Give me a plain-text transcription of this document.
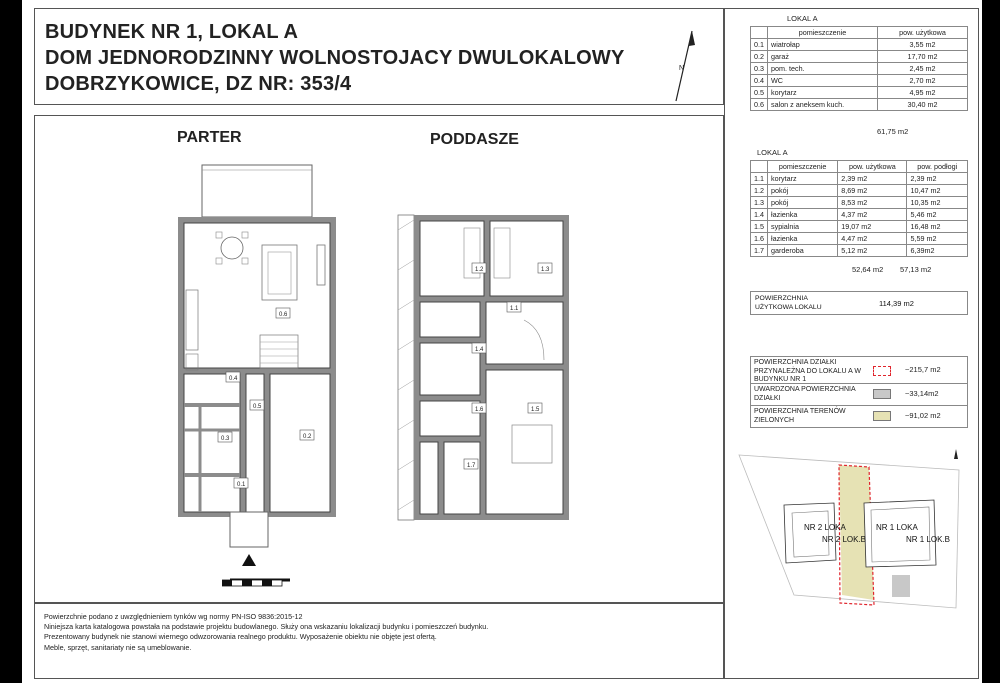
BUDYNEK NR 1, LOKAL A
DOM JEDNORODZINNY WOLNOSTOJACY DWULOKALOWY
DOBRZYKOWICE, DZ NR: 353/4
N
PARTER	PODDASZE
0.6
0.4
0.5
0.2
0.3
0.1
1.2	1.3
1.1
1.4
1.6	1.5
1.7
LOKAL A
	pomieszczenie	pow. użytkowa
0.1	wiatrołap	3,55 m2
0.2	garaż	17,70 m2
0.3	pom. tech.	2,45 m2
0.4	WC	2,70 m2
0.5	korytarz	4,95 m2
0.6	salon z aneksem kuch.	30,40 m2
61,75 m2
LOKAL A
	pomieszczenie	pow. użytkowa	pow. podłogi
1.1	korytarz	2,39 m2	2,39 m2
1.2	pokój	8,69 m2	10,47 m2
1.3	pokój	8,53 m2	10,35 m2
1.4	łazienka	4,37 m2	5,46 m2
1.5	sypialnia	19,07 m2	16,48 m2
1.6	łazienka	4,47 m2	5,59 m2
1.7	garderoba	5,12 m2	6,39m2
52,64 m2 57,13 m2
POWIERZCHNIA
UŻYTKOWA LOKALU	114,39 m2
POWIERZCHNIA DZIAŁKI PRZYNALEŻNA DO LOKALU A W BUDYNKU NR 1
~215,7 m2
UWARDZONA POWIERZCHNIA DZIAŁKI	~33,14m2
POWIERZCHNIA TERENÓW ZIELONYCH	~91,02 m2
NR 2 LOKA
NR 2 LOK.B
NR 1 LOKA
NR 1 LOK.B
Powierzchnie podano z uwzględnieniem tynków wg normy PN-ISO 9836:2015-12
Niniejsza karta katalogowa powstała na podstawie projektu budowlanego. Służy ona wskazaniu lokalizacji budynku i pomieszczeń budynku.
Prezentowany budynek nie stanowi wiernego odwzorowania realnego produktu. Wyposażenie obiektu nie objęte jest ofertą.
Meble, sprzęt, sanitariaty nie są umeblowanie.
